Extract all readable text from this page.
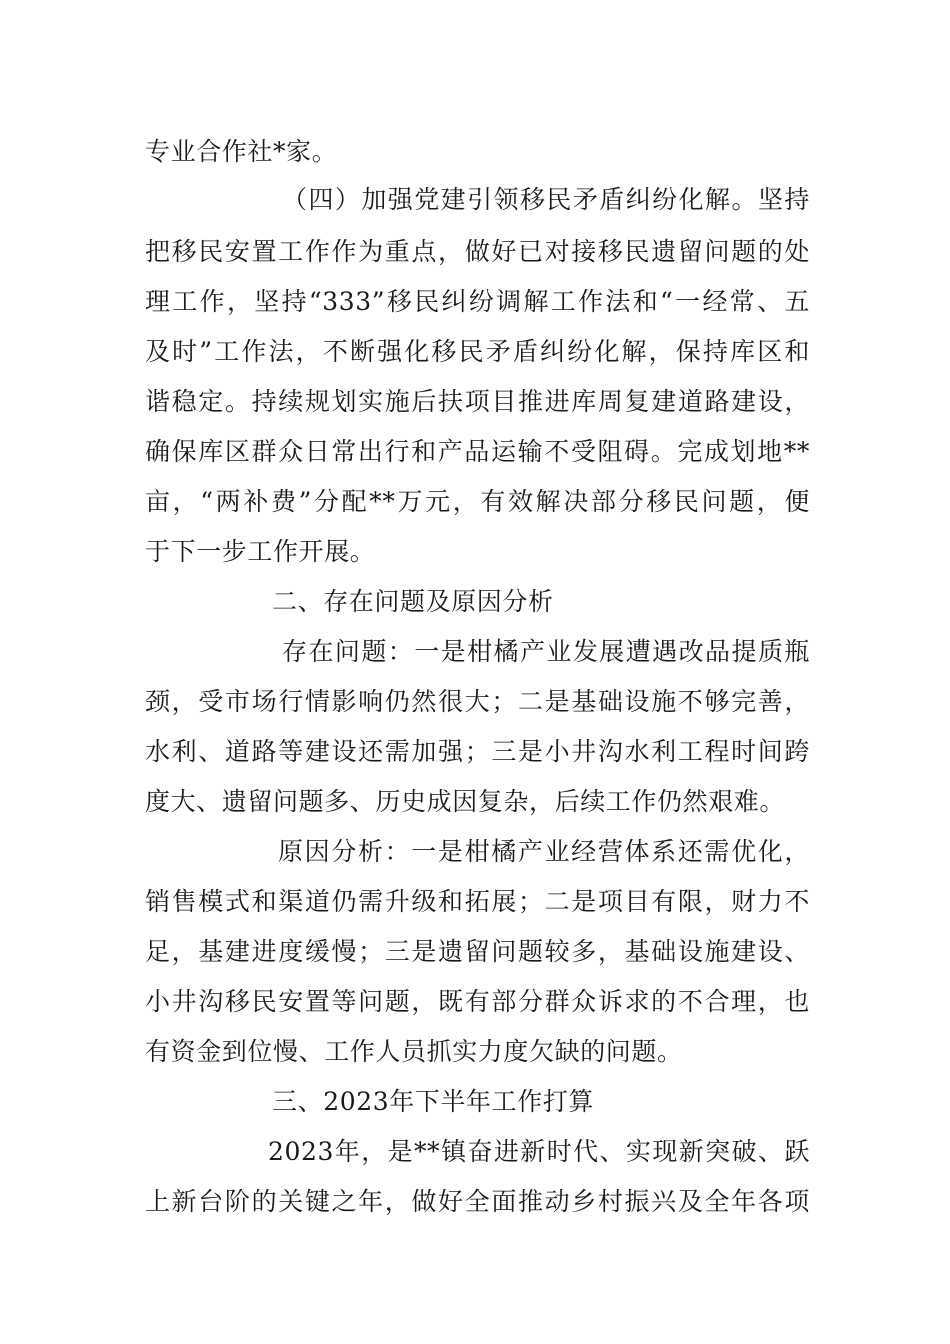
专业合作社*家。
（四）加强党建引领移民矛盾纠纷化解。坚持
把移民安置工作作为重点，做好已对接移民遗留问题的处
理工作，坚持“333”移民纠纷调解工作法和“一经常、五
及时”工作法，不断强化移民矛盾纠纷化解，保持库区和
谐稳定。持续规划实施后扶项目推进库周复建道路建设，
确保库区群众日常出行和产品运输不受阻碍。完成划地**
亩，“两补费”分配**万元，有效解决部分移民问题，便
于下一步工作开展。
二、存在问题及原因分析
存在问题：一是柑橘产业发展遭遇改品提质瓶
颈，受市场行情影响仍然很大；二是基础设施不够完善，
水利、道路等建设还需加强；三是小井沟水利工程时间跨
度大、遗留问题多、历史成因复杂，后续工作仍然艰难。
原因分析：一是柑橘产业经营体系还需优化，
销售模式和渠道仍需升级和拓展；二是项目有限，财力不
足，基建进度缓慢；三是遗留问题较多，基础设施建设、
小井沟移民安置等问题，既有部分群众诉求的不合理，也
有资金到位慢、工作人员抓实力度欠缺的问题。
三、2023年下半年工作打算
2023年，是**镇奋进新时代、实现新突破、跃
上新台阶的关键之年，做好全面推动乡村振兴及全年各项
